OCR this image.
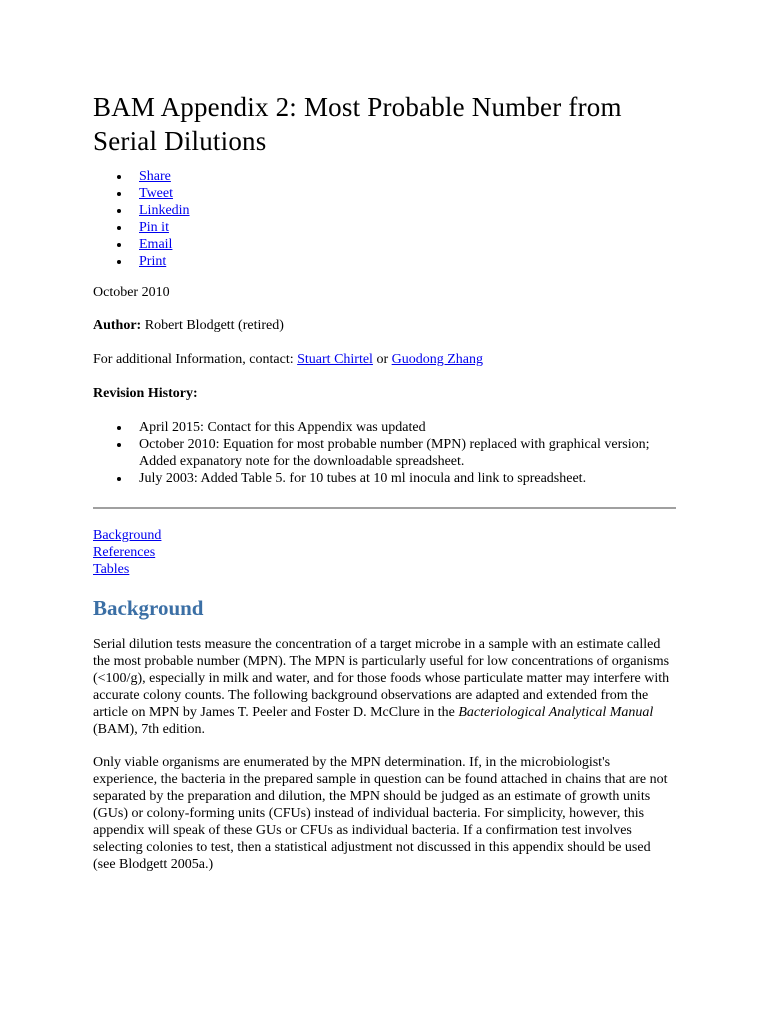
BAM Appendix 2: Most Probable Number from Serial Dilutions
Share
Tweet
Linkedin
Pin it
Email
Print

October 2010

Author: Robert Blodgett (retired)

For additional Information, contact: Stuart Chirtel or Guodong Zhang

Revision History:

April 2015: Contact for this Appendix was updated
October 2010: Equation for most probable number (MPN) replaced with graphical version; Added expanatory note for the downloadable spreadsheet.
July 2003: Added Table 5. for 10 tubes at 10 ml inocula and link to spreadsheet.
Background
References
Tables
Background

Serial dilution tests measure the concentration of a target microbe in a sample with an estimate called the most probable number (MPN). The MPN is particularly useful for low concentrations of organisms (<100/g), especially in milk and water, and for those foods whose particulate matter may interfere with accurate colony counts. The following background observations are adapted and extended from the article on MPN by James T. Peeler and Foster D. McClure in the Bacteriological Analytical Manual (BAM), 7th edition.

Only viable organisms are enumerated by the MPN determination. If, in the microbiologist's experience, the bacteria in the prepared sample in question can be found attached in chains that are not separated by the preparation and dilution, the MPN should be judged as an estimate of growth units (GUs) or colony-forming units (CFUs) instead of individual bacteria. For simplicity, however, this appendix will speak of these GUs or CFUs as individual bacteria. If a confirmation test involves selecting colonies to test, then a statistical adjustment not discussed in this appendix should be used (see Blodgett 2005a.)
